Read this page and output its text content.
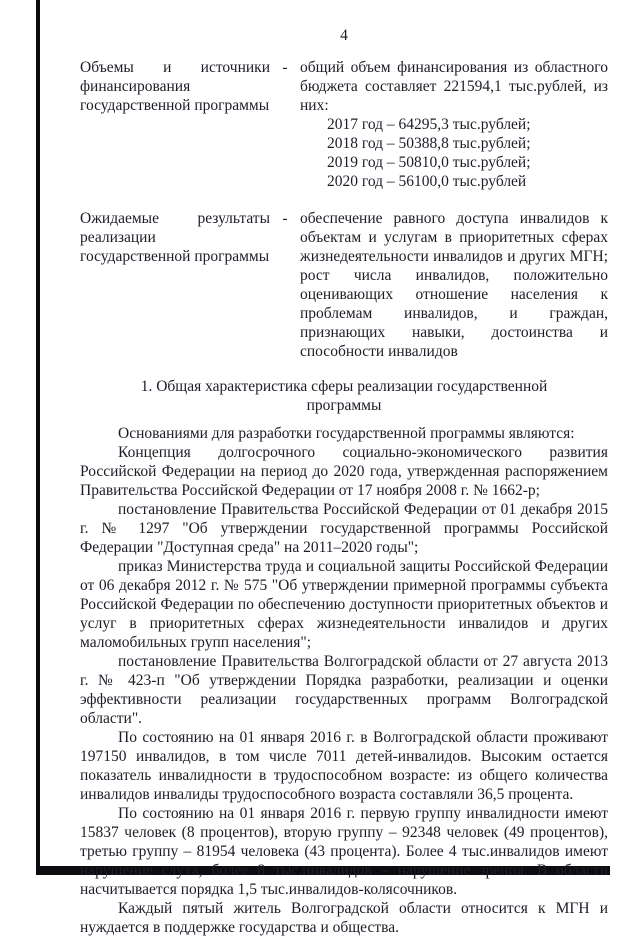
4
Объемы и источники финансирования государственной программы
- общий объем финансирования из областного бюджета составляет 221594,1 тыс.рублей, из них:
2017 год – 64295,3 тыс.рублей;
2018 год – 50388,8 тыс.рублей;
2019 год – 50810,0 тыс.рублей;
2020 год – 56100,0 тыс.рублей
Ожидаемые результаты реализации государственной программы
- обеспечение равного доступа инвалидов к объектам и услугам в приоритетных сферах жизнедеятельности инвалидов и других МГН; рост числа инвалидов, положительно оценивающих отношение населения к проблемам инвалидов, и граждан, признающих навыки, достоинства и способности инвалидов
1. Общая характеристика сферы реализации государственной программы

Основаниями для разработки государственной программы являются:

Концепция долгосрочного социально-экономического развития Российской Федерации на период до 2020 года, утвержденная распоряжением Правительства Российской Федерации от 17 ноября 2008 г. № 1662-р;

постановление Правительства Российской Федерации от 01 декабря 2015 г. № 1297 "Об утверждении государственной программы Российской Федерации "Доступная среда" на 2011–2020 годы";

приказ Министерства труда и социальной защиты Российской Федерации от 06 декабря 2012 г. № 575 "Об утверждении примерной программы субъекта Российской Федерации по обеспечению доступности приоритетных объектов и услуг в приоритетных сферах жизнедеятельности инвалидов и других маломобильных групп населения";

постановление Правительства Волгоградской области от 27 августа 2013 г. № 423-п "Об утверждении Порядка разработки, реализации и оценки эффективности реализации государственных программ Волгоградской области".

По состоянию на 01 января 2016 г. в Волгоградской области проживают 197150 инвалидов, в том числе 7011 детей-инвалидов. Высоким остается показатель инвалидности в трудоспособном возрасте: из общего количества инвалидов инвалиды трудоспособного возраста составляли 36,5 процента.

По состоянию на 01 января 2016 г. первую группу инвалидности имеют 15837 человек (8 процентов), вторую группу – 92348 человек (49 процентов), третью группу – 81954 человека (43 процента). Более 4 тыс.инвалидов имеют нарушение слуха, более 8 тыс.инвалидов – нарушение зрения. В области насчитывается порядка 1,5 тыс.инвалидов-колясочников.

Каждый пятый житель Волгоградской области относится к МГН и нуждается в поддержке государства и общества.
